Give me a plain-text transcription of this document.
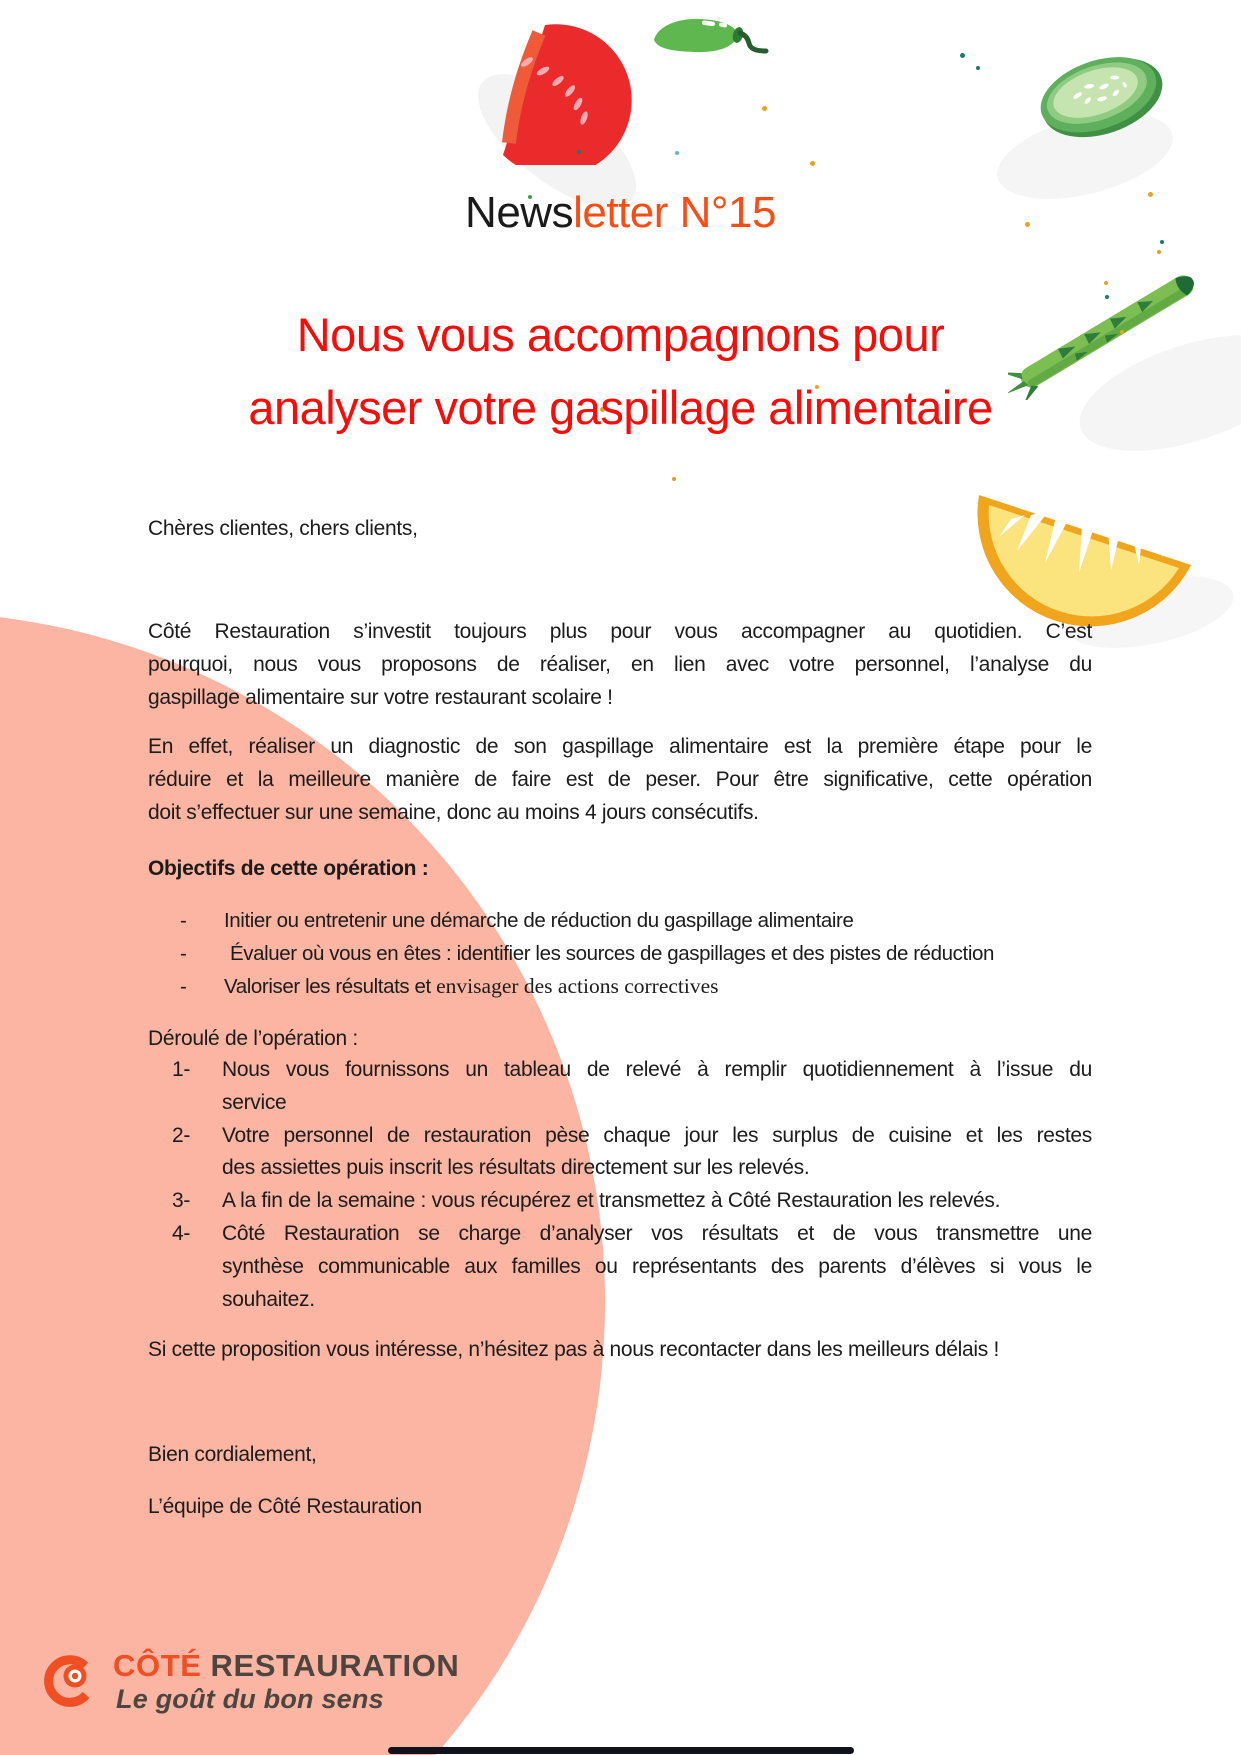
Newsletter N°15
Nous vous accompagnons pour
analyser votre gaspillage alimentaire
Chères clientes, chers clients,
Côté Restauration s’investit toujours plus pour vous accompagner au quotidien. C’est
pourquoi, nous vous proposons de réaliser, en lien avec votre personnel, l’analyse du
gaspillage alimentaire sur votre restaurant scolaire !
En effet, réaliser un diagnostic de son gaspillage alimentaire est la première étape pour le
réduire et la meilleure manière de faire est de peser. Pour être significative, cette opération
doit s’effectuer sur une semaine, donc au moins 4 jours consécutifs.
Objectifs de cette opération :
- Initier ou entretenir une démarche de réduction du gaspillage alimentaire
- Évaluer où vous en êtes : identifier les sources de gaspillages et des pistes de réduction
- Valoriser les résultats et envisager des actions correctives
Déroulé de l’opération :
1- Nous vous fournissons un tableau de relevé à remplir quotidiennement à l’issue du
service
2- Votre personnel de restauration pèse chaque jour les surplus de cuisine et les restes
des assiettes puis inscrit les résultats directement sur les relevés.
3- A la fin de la semaine : vous récupérez et transmettez à Côté Restauration les relevés.
4- Côté Restauration se charge d’analyser vos résultats et de vous transmettre une
synthèse communicable aux familles ou représentants des parents d’élèves si vous le
souhaitez.
Si cette proposition vous intéresse, n’hésitez pas à nous recontacter dans les meilleurs délais !
Bien cordialement,
L’équipe de Côté Restauration
CÔTÉ RESTAURATION
Le goût du bon sens
